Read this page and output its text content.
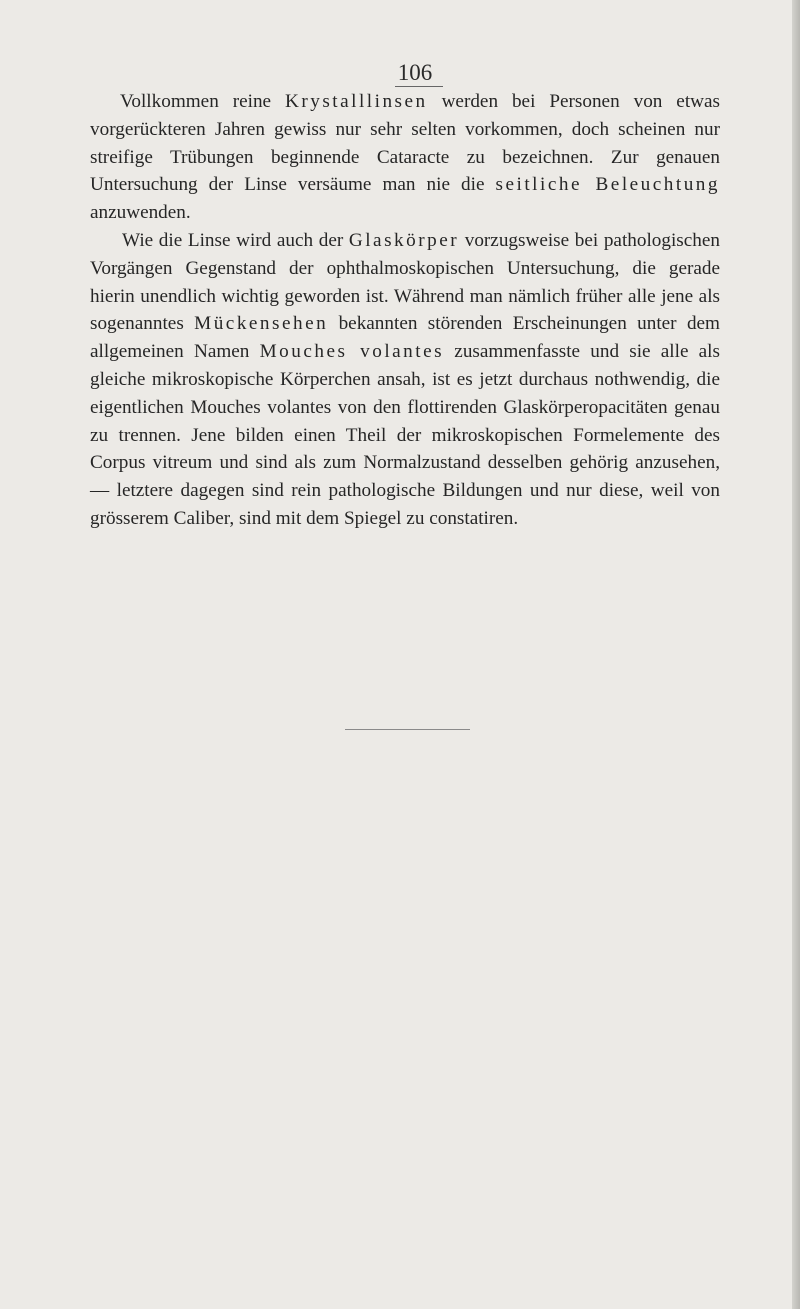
106

Vollkommen reine Krystalllinsen werden bei Personen von etwas vorgerückteren Jahren gewiss nur sehr selten vorkommen, doch scheinen nur streifige Trübungen beginnende Cataracte zu bezeichnen. Zur genauen Untersuchung der Linse versäume man nie die seitliche Beleuchtung anzuwenden.

Wie die Linse wird auch der Glaskörper vorzugsweise bei pathologischen Vorgängen Gegenstand der ophthalmoskopischen Untersuchung, die gerade hierin unendlich wichtig geworden ist. Während man nämlich früher alle jene als sogenanntes Mückensehen bekannten störenden Erscheinungen unter dem allgemeinen Namen Mouches volantes zusammenfasste und sie alle als gleiche mikroskopische Körperchen ansah, ist es jetzt durchaus nothwendig, die eigentlichen Mouches volantes von den flottirenden Glaskörperopacitäten genau zu trennen. Jene bilden einen Theil der mikroskopischen Formelemente des Corpus vitreum und sind als zum Normalzustand desselben gehörig anzusehen, — letztere dagegen sind rein pathologische Bildungen und nur diese, weil von grösserem Caliber, sind mit dem Spiegel zu constatiren.
